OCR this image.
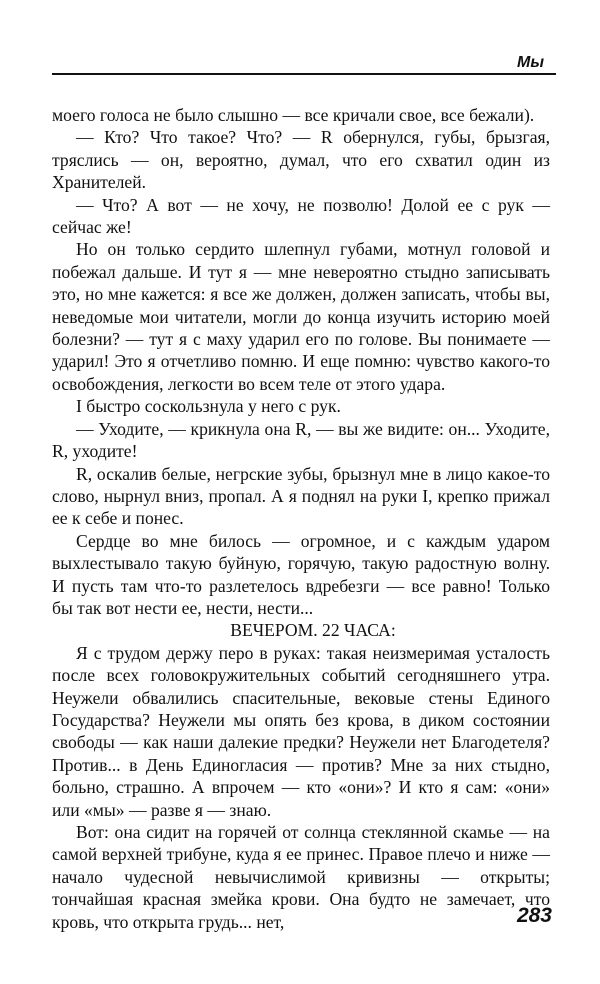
Мы

моего голоса не было слышно — все кричали свое, все бежали).

— Кто? Что такое? Что? — R обернулся, губы, брызгая, тряслись — он, вероятно, думал, что его схватил один из Хранителей.

— Что? А вот — не хочу, не позволю! Долой ее с рук — сейчас же!

Но он только сердито шлепнул губами, мотнул головой и побежал дальше. И тут я — мне невероятно стыдно записывать это, но мне кажется: я все же должен, должен записать, чтобы вы, неведомые мои читатели, могли до конца изучить историю моей болезни? — тут я с маху ударил его по голове. Вы понимаете — ударил! Это я отчетливо помню. И еще помню: чувство какого-то освобождения, легкости во всем теле от этого удара.

I быстро соскользнула у него с рук.

— Уходите, — крикнула она R, — вы же видите: он... Уходите, R, уходите!

R, оскалив белые, негрские зубы, брызнул мне в лицо какое-то слово, нырнул вниз, пропал. А я поднял на руки I, крепко прижал ее к себе и понес.

Сердце во мне билось — огромное, и с каждым ударом выхлестывало такую буйную, горячую, такую радостную волну. И пусть там что-то разлетелось вдребезги — все равно! Только бы так вот нести ее, нести, нести...

ВЕЧЕРОМ. 22 ЧАСА:

Я с трудом держу перо в руках: такая неизмеримая усталость после всех головокружительных событий сегодняшнего утра. Неужели обвалились спасительные, вековые стены Единого Государства? Неужели мы опять без крова, в диком состоянии свободы — как наши далекие предки? Неужели нет Благодетеля? Против... в День Единогласия — против? Мне за них стыдно, больно, страшно. А впрочем — кто «они»? И кто я сам: «они» или «мы» — разве я — знаю.

Вот: она сидит на горячей от солнца стеклянной скамье — на самой верхней трибуне, куда я ее принес. Правое плечо и ниже — начало чудесной невычислимой кривизны — открыты; тончайшая красная змейка крови. Она будто не замечает, что кровь, что открыта грудь... нет,	283
